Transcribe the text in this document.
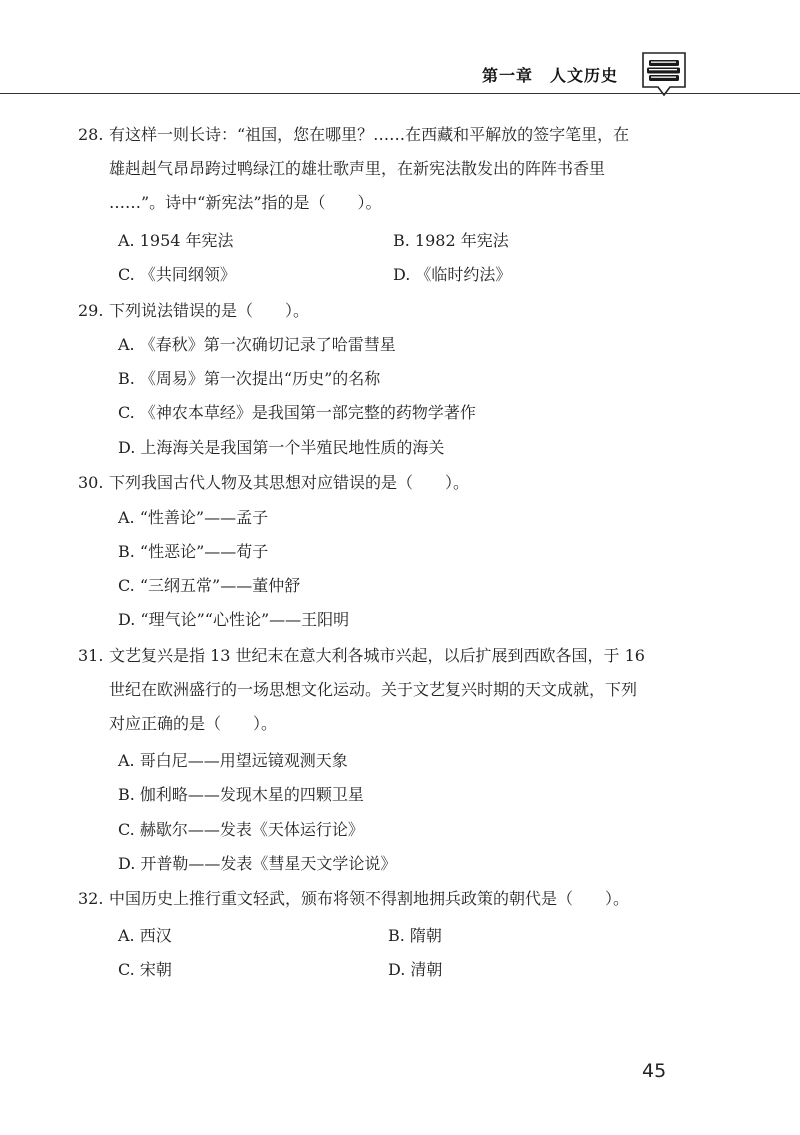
第一章　人文历史
28. 有这样一则长诗：“祖国，您在哪里？……在西藏和平解放的签字笔里，在
雄赳赳气昂昂跨过鸭绿江的雄壮歌声里，在新宪法散发出的阵阵书香里
……”。诗中“新宪法”指的是（　　）。
A. 1954 年宪法	B. 1982 年宪法
C. 《共同纲领》	D. 《临时约法》
29. 下列说法错误的是（　　）。
A. 《春秋》第一次确切记录了哈雷彗星
B. 《周易》第一次提出“历史”的名称
C. 《神农本草经》是我国第一部完整的药物学著作
D. 上海海关是我国第一个半殖民地性质的海关
30. 下列我国古代人物及其思想对应错误的是（　　）。
A. “性善论”——孟子
B. “性恶论”——荀子
C. “三纲五常”——董仲舒
D. “理气论”“心性论”——王阳明
31. 文艺复兴是指 13 世纪末在意大利各城市兴起，以后扩展到西欧各国，于 16
世纪在欧洲盛行的一场思想文化运动。关于文艺复兴时期的天文成就，下列
对应正确的是（　　）。
A. 哥白尼——用望远镜观测天象
B. 伽利略——发现木星的四颗卫星
C. 赫歇尔——发表《天体运行论》
D. 开普勒——发表《彗星天文学论说》
32. 中国历史上推行重文轻武，颁布将领不得割地拥兵政策的朝代是（　　）。
A. 西汉	B. 隋朝
C. 宋朝	D. 清朝
45
